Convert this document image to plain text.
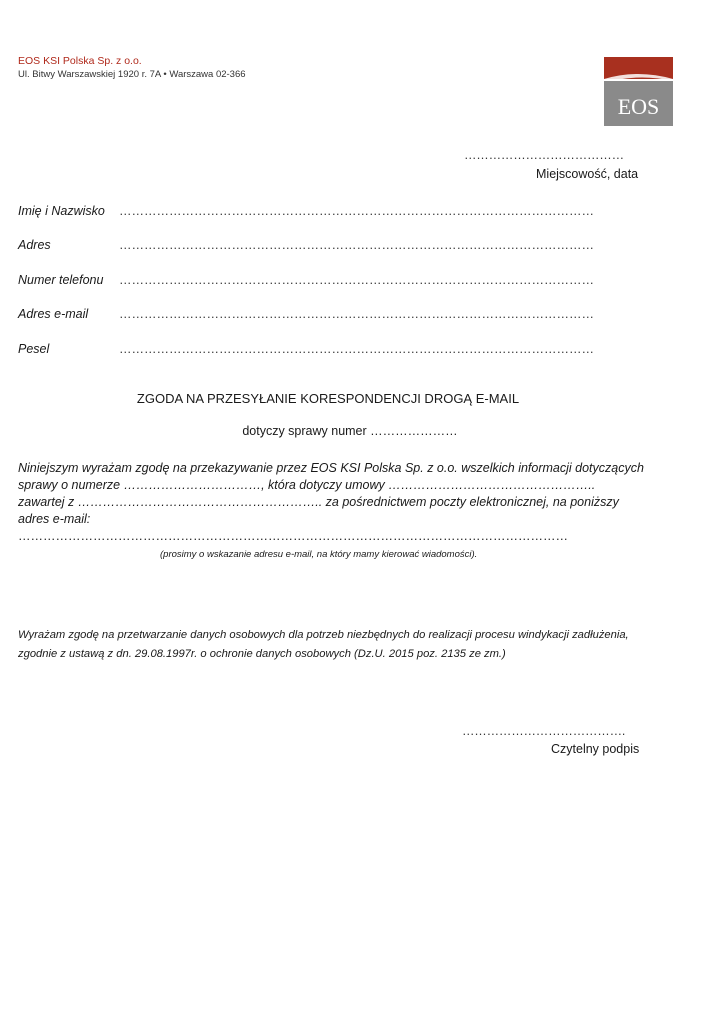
EOS KSI Polska Sp. z o.o.
Ul. Bitwy Warszawskiej 1920 r. 7A • Warszawa 02-366
EOS
…………………………………
Miejscowość, data
Imię i Nazwisko ……………………………………………………………………………………………………
Adres	……………………………………………………………………………………………………
Numer telefonu ……………………………………………………………………………………………………
Adres e-mail ……………………………………………………………………………………………………
Pesel	……………………………………………………………………………………………………
ZGODA NA PRZESYŁANIE KORESPONDENCJI DROGĄ E-MAIL
dotyczy sprawy numer …………………
Niniejszym wyrażam zgodę na przekazywanie przez EOS KSI Polska Sp. z o.o. wszelkich informacji dotyczących
sprawy o numerze ……………………………, która dotyczy umowy …………………………………………..
zawartej z ………………………………………………….. za pośrednictwem poczty elektronicznej, na poniższy
adres e-mail:
……………………………………………………………………………………………………………………
(prosimy o wskazanie adresu e-mail, na który mamy kierować wiadomości).
Wyrażam zgodę na przetwarzanie danych osobowych dla potrzeb niezbędnych do realizacji procesu windykacji zadłużenia,
zgodnie z ustawą z dn. 29.08.1997r. o ochronie danych osobowych (Dz.U. 2015 poz. 2135 ze zm.)
………………………………….
Czytelny podpis
